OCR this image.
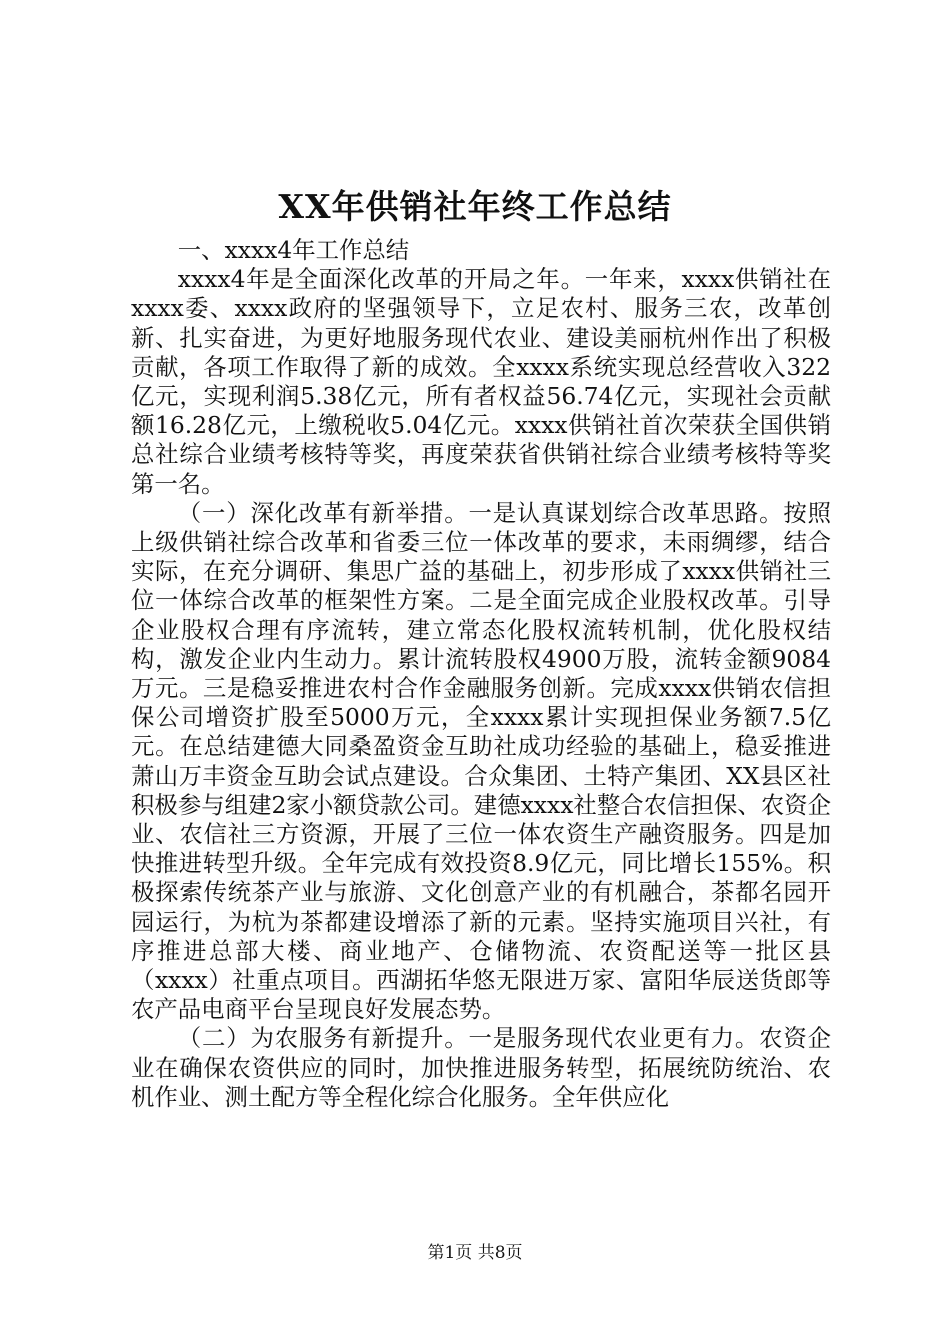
XX年供销社年终工作总结

一、xxxx4年工作总结

xxxx4年是全面深化改革的开局之年。一年来，xxxx供销社在xxxx委、xxxx政府的坚强领导下，立足农村、服务三农，改革创新、扎实奋进，为更好地服务现代农业、建设美丽杭州作出了积极贡献，各项工作取得了新的成效。全xxxx系统实现总经营收入322亿元，实现利润5.38亿元，所有者权益56.74亿元，实现社会贡献额16.28亿元，上缴税收5.04亿元。xxxx供销社首次荣获全国供销总社综合业绩考核特等奖，再度荣获省供销社综合业绩考核特等奖第一名。

（一）深化改革有新举措。一是认真谋划综合改革思路。按照上级供销社综合改革和省委三位一体改革的要求，未雨绸缪，结合实际，在充分调研、集思广益的基础上，初步形成了xxxx供销社三位一体综合改革的框架性方案。二是全面完成企业股权改革。引导企业股权合理有序流转，建立常态化股权流转机制，优化股权结构，激发企业内生动力。累计流转股权4900万股，流转金额9084万元。三是稳妥推进农村合作金融服务创新。完成xxxx供销农信担保公司增资扩股至5000万元，全xxxx累计实现担保业务额7.5亿元。在总结建德大同桑盈资金互助社成功经验的基础上，稳妥推进萧山万丰资金互助会试点建设。合众集团、土特产集团、XX县区社积极参与组建2家小额贷款公司。建德xxxx社整合农信担保、农资企业、农信社三方资源，开展了三位一体农资生产融资服务。四是加快推进转型升级。全年完成有效投资8.9亿元，同比增长155%。积极探索传统茶产业与旅游、文化创意产业的有机融合，茶都名园开园运行，为杭为茶都建设增添了新的元素。坚持实施项目兴社，有序推进总部大楼、商业地产、仓储物流、农资配送等一批区县（xxxx）社重点项目。西湖拓华悠无限进万家、富阳华辰送货郎等农产品电商平台呈现良好发展态势。

（二）为农服务有新提升。一是服务现代农业更有力。农资企业在确保农资供应的同时，加快推进服务转型，拓展统防统治、农机作业、测土配方等全程化综合化服务。全年供应化

第1页 共8页
